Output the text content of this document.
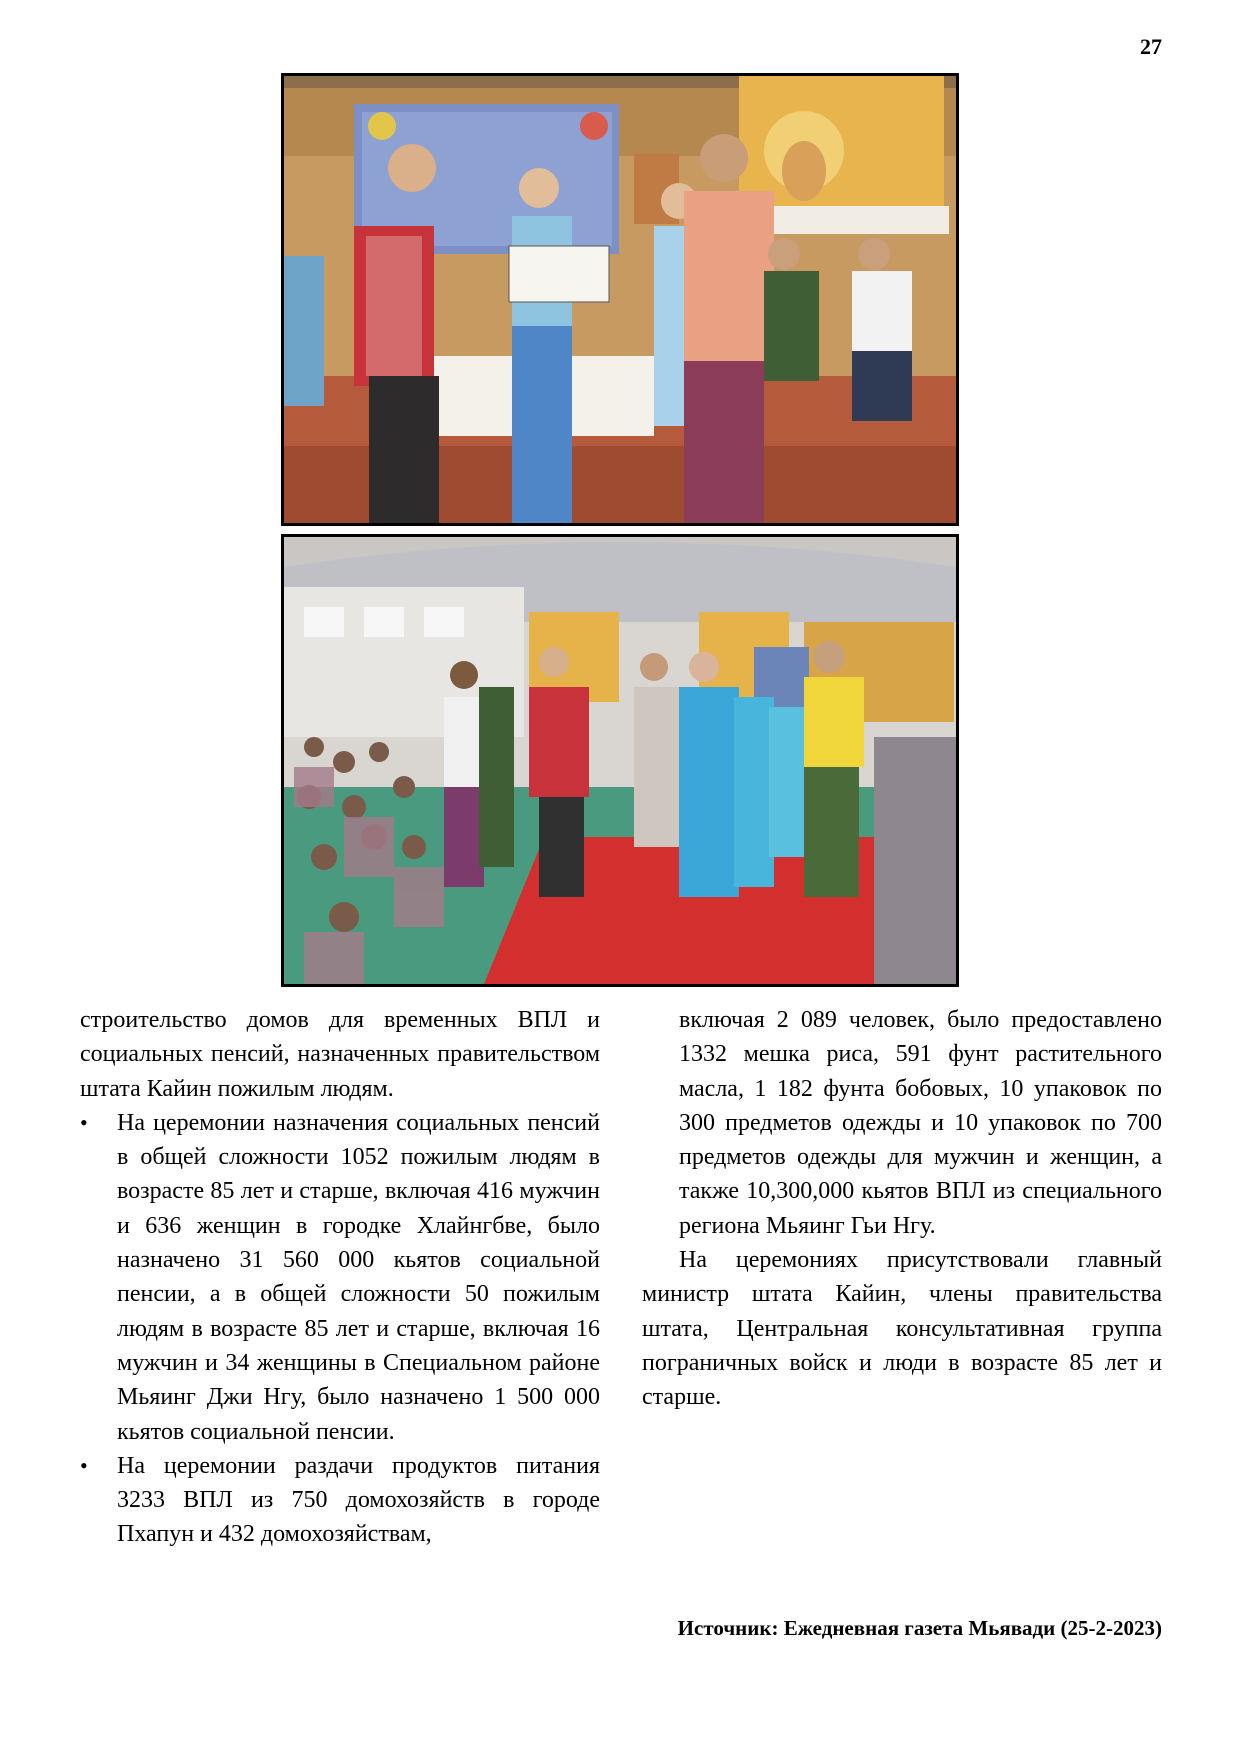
27

строительство домов для временных ВПЛ и социальных пенсий, назначенных правительством штата Кайин пожилым людям.

• На церемонии назначения социальных пенсий в общей сложности 1052 пожилым людям в возрасте 85 лет и старше, включая 416 мужчин и 636 женщин в городке Хлайнгбве, было назначено 31 560 000 кьятов социальной пенсии, а в общей сложности 50 пожилым людям в возрасте 85 лет и старше, включая 16 мужчин и 34 женщины в Специальном районе Мьяинг Джи Нгу, было назначено 1 500 000 кьятов социальной пенсии.
• На церемонии раздачи продуктов питания 3233 ВПЛ из 750 домохозяйств в городе Пхапун и 432 домохозяйствам,

включая 2 089 человек, было предоставлено 1332 мешка риса, 591 фунт растительного масла, 1 182 фунта бобовых, 10 упаковок по 300 предметов одежды и 10 упаковок по 700 предметов одежды для мужчин и женщин, а также 10,300,000 кьятов ВПЛ из специального региона Мьяинг Гьи Нгу.

На церемониях присутствовали главный министр штата Кайин, члены правительства штата, Центральная консультативная группа пограничных войск и люди в возрасте 85 лет и старше.

Источник: Ежедневная газета Мьявади (25-2-2023)
